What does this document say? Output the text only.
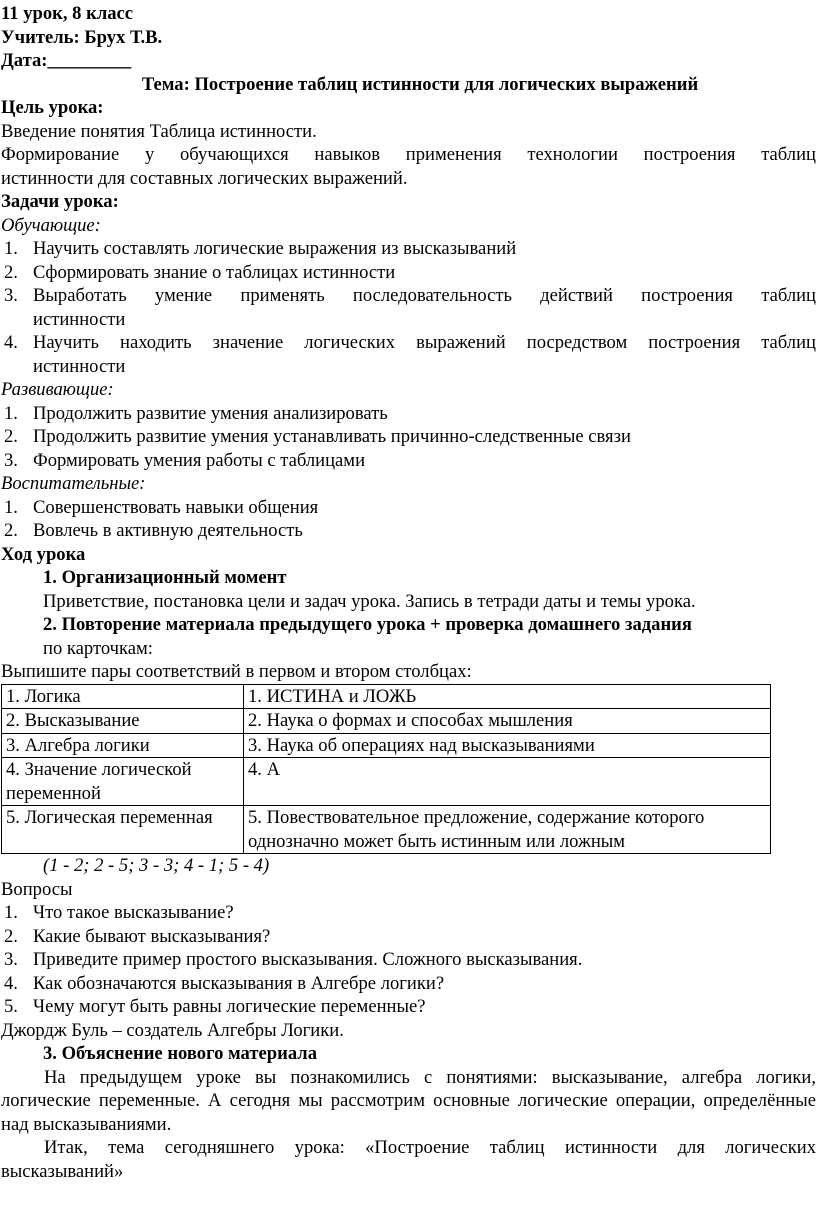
11 урок, 8 класс

Учитель: Брух Т.В.

Дата:_________

Тема: Построение таблиц истинности для логических выражений

Цель урока:

Введение понятия Таблица истинности.

Формирование у обучающихся навыков применения технологии построения таблиц

истинности для составных логических выражений.

Задачи урока:

Обучающие:

1. Научить составлять логические выражения из высказываний
2. Сформировать знание о таблицах истинности
3. Выработать умение применять последовательность действий построения таблиц
истинности
4. Научить находить значение логических выражений посредством построения таблиц
истинности

Развивающие:

1. Продолжить развитие умения анализировать
2. Продолжить развитие умения устанавливать причинно-следственные связи
3. Формировать умения работы с таблицами

Воспитательные:

1. Совершенствовать навыки общения
2. Вовлечь в активную деятельность

Ход урока

1. Организационный момент

Приветствие, постановка цели и задач урока. Запись в тетради даты и темы урока.

2. Повторение материала предыдущего урока + проверка домашнего задания

по карточкам:

Выпишите пары соответствий в первом и втором столбцах:

1. Логика	1. ИСТИНА и ЛОЖЬ
2. Высказывание	2. Наука о формах и способах мышления
3. Алгебра логики	3. Наука об операциях над высказываниями
4. Значение логической переменной	4. А
5. Логическая переменная	5. Повествовательное предложение, содержание которого однозначно может быть истинным или ложным

(1 - 2; 2 - 5; 3 - 3; 4 - 1; 5 - 4)

Вопросы

1. Что такое высказывание?
2. Какие бывают высказывания?
3. Приведите пример простого высказывания. Сложного высказывания.
4. Как обозначаются высказывания в Алгебре логики?
5. Чему могут быть равны логические переменные?

Джордж Буль – создатель Алгебры Логики.

3. Объяснение нового материала

На предыдущем уроке вы познакомились с понятиями: высказывание, алгебра логики, логические переменные. А сегодня мы рассмотрим основные логические операции, определённые над высказываниями.

Итак, тема сегодняшнего урока: «Построение таблиц истинности для логических высказываний»
